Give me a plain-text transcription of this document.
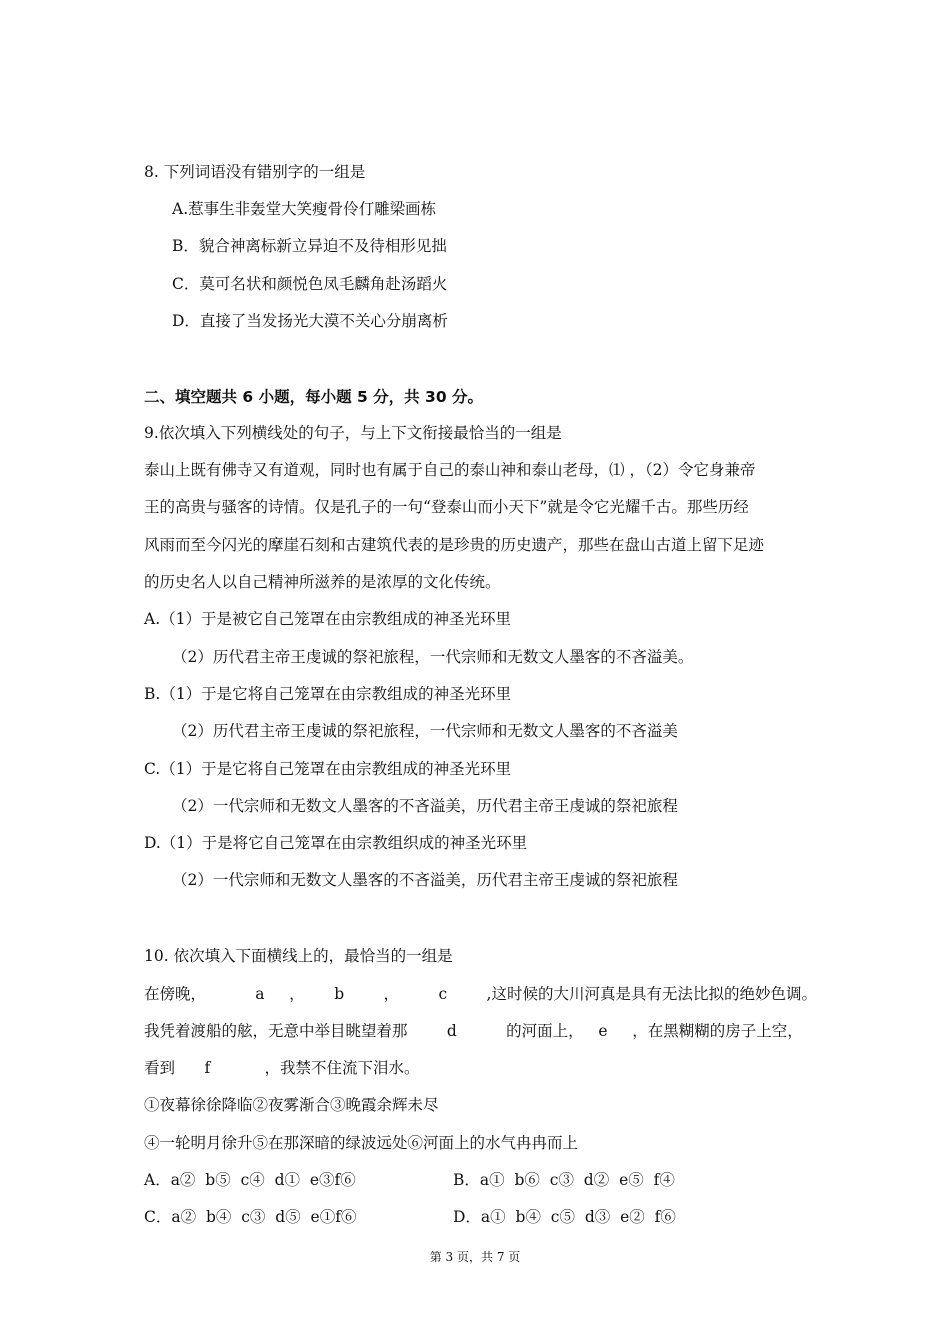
8. 下列词语没有错别字的一组是
A.惹事生非轰堂大笑瘦骨伶仃雕梁画栋
B．貌合神离标新立异迫不及待相形见拙
C．莫可名状和颜悦色凤毛麟角赴汤蹈火
D．直接了当发扬光大漠不关心分崩离析
二、填空题共 6 小题，每小题 5 分，共 30 分。
9.依次填入下列横线处的句子，与上下文衔接最恰当的一组是
泰山上既有佛寺又有道观，同时也有属于自己的泰山神和泰山老母，⑴ ，（2）令它身兼帝
王的高贵与骚客的诗情。仅是孔子的一句“登泰山而小天下”就是令它光耀千古。那些历经
风雨而至今闪光的摩崖石刻和古建筑代表的是珍贵的历史遗产，那些在盘山古道上留下足迹
的历史名人以自己精神所滋养的是浓厚的文化传统。
A.（1）于是被它自己笼罩在由宗教组成的神圣光环里
（2）历代君主帝王虔诚的祭祀旅程，一代宗师和无数文人墨客的不吝溢美。
B.（1）于是它将自己笼罩在由宗教组成的神圣光环里
（2）历代君主帝王虔诚的祭祀旅程，一代宗师和无数文人墨客的不吝溢美
C.（1）于是它将自己笼罩在由宗教组成的神圣光环里
（2）一代宗师和无数文人墨客的不吝溢美，历代君主帝王虔诚的祭祀旅程
D.（1）于是将它自己笼罩在由宗教组织成的神圣光环里
（2）一代宗师和无数文人墨客的不吝溢美，历代君主帝王虔诚的祭祀旅程
10. 依次填入下面横线上的，最恰当的一组是
在傍晚，          a     ，      b        ，        c        ,这时候的大川河真是具有无法比拟的绝妙色调。
我凭着渡船的舷，无意中举目眺望着那        d          的河面上，   e     ，在黑糊糊的房子上空，
看到      f           ，我禁不住流下泪水。
①夜幕徐徐降临②夜雾渐合③晚霞余辉未尽
④一轮明月徐升⑤在那深暗的绿波远处⑥河面上的水气冉冉而上
A．a②  b⑤  c④  d①  e③f⑥	B．a①  b⑥  c③  d②  e⑤  f④
C．a②  b④  c③  d⑤  e①f⑥	D．a①  b④  c⑤  d③  e②  f⑥
第 3 页，共 7 页
